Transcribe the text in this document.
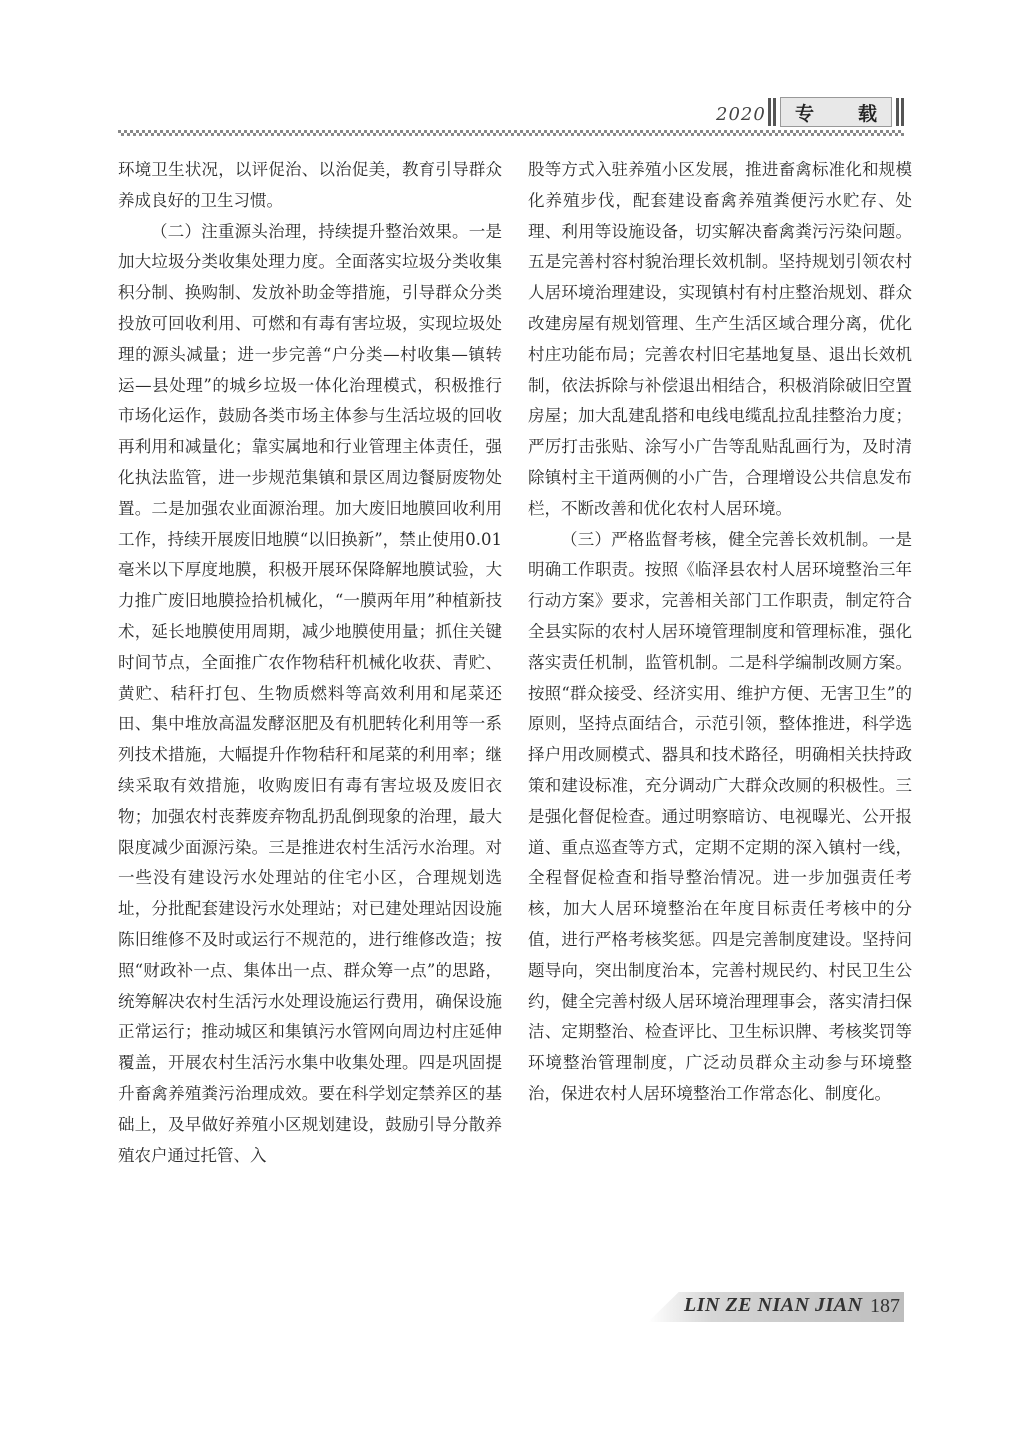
2020 专 载

环境卫生状况，以评促治、以治促美，教育引导群众养成良好的卫生习惯。

（二）注重源头治理，持续提升整治效果。一是加大垃圾分类收集处理力度。全面落实垃圾分类收集积分制、换购制、发放补助金等措施，引导群众分类投放可回收利用、可燃和有毒有害垃圾，实现垃圾处理的源头减量；进一步完善“户分类—村收集—镇转运—县处理”的城乡垃圾一体化治理模式，积极推行市场化运作，鼓励各类市场主体参与生活垃圾的回收再利用和减量化；靠实属地和行业管理主体责任，强化执法监管，进一步规范集镇和景区周边餐厨废物处置。二是加强农业面源治理。加大废旧地膜回收利用工作，持续开展废旧地膜“以旧换新”，禁止使用0.01毫米以下厚度地膜，积极开展环保降解地膜试验，大力推广废旧地膜捡拾机械化，“一膜两年用”种植新技术，延长地膜使用周期，减少地膜使用量；抓住关键时间节点，全面推广农作物秸秆机械化收获、青贮、黄贮、秸秆打包、生物质燃料等高效利用和尾菜还田、集中堆放高温发酵沤肥及有机肥转化利用等一系列技术措施，大幅提升作物秸秆和尾菜的利用率；继续采取有效措施，收购废旧有毒有害垃圾及废旧衣物；加强农村丧葬废弃物乱扔乱倒现象的治理，最大限度减少面源污染。三是推进农村生活污水治理。对一些没有建设污水处理站的住宅小区，合理规划选址，分批配套建设污水处理站；对已建处理站因设施陈旧维修不及时或运行不规范的，进行维修改造；按照“财政补一点、集体出一点、群众筹一点”的思路，统筹解决农村生活污水处理设施运行费用，确保设施正常运行；推动城区和集镇污水管网向周边村庄延伸覆盖，开展农村生活污水集中收集处理。四是巩固提升畜禽养殖粪污治理成效。要在科学划定禁养区的基础上，及早做好养殖小区规划建设，鼓励引导分散养殖农户通过托管、入

股等方式入驻养殖小区发展，推进畜禽标准化和规模化养殖步伐，配套建设畜禽养殖粪便污水贮存、处理、利用等设施设备，切实解决畜禽粪污污染问题。五是完善村容村貌治理长效机制。坚持规划引领农村人居环境治理建设，实现镇村有村庄整治规划、群众改建房屋有规划管理、生产生活区域合理分离，优化村庄功能布局；完善农村旧宅基地复垦、退出长效机制，依法拆除与补偿退出相结合，积极消除破旧空置房屋；加大乱建乱搭和电线电缆乱拉乱挂整治力度；严厉打击张贴、涂写小广告等乱贴乱画行为，及时清除镇村主干道两侧的小广告，合理增设公共信息发布栏，不断改善和优化农村人居环境。

（三）严格监督考核，健全完善长效机制。一是明确工作职责。按照《临泽县农村人居环境整治三年行动方案》要求，完善相关部门工作职责，制定符合全县实际的农村人居环境管理制度和管理标准，强化落实责任机制，监管机制。二是科学编制改厕方案。按照“群众接受、经济实用、维护方便、无害卫生”的原则，坚持点面结合，示范引领，整体推进，科学选择户用改厕模式、器具和技术路径，明确相关扶持政策和建设标准，充分调动广大群众改厕的积极性。三是强化督促检查。通过明察暗访、电视曝光、公开报道、重点巡查等方式，定期不定期的深入镇村一线，全程督促检查和指导整治情况。进一步加强责任考核，加大人居环境整治在年度目标责任考核中的分值，进行严格考核奖惩。四是完善制度建设。坚持问题导向，突出制度治本，完善村规民约、村民卫生公约，健全完善村级人居环境治理理事会，落实清扫保洁、定期整治、检查评比、卫生标识牌、考核奖罚等环境整治管理制度，广泛动员群众主动参与环境整治，保进农村人居环境整治工作常态化、制度化。

LIN ZE NIAN JIAN 187
